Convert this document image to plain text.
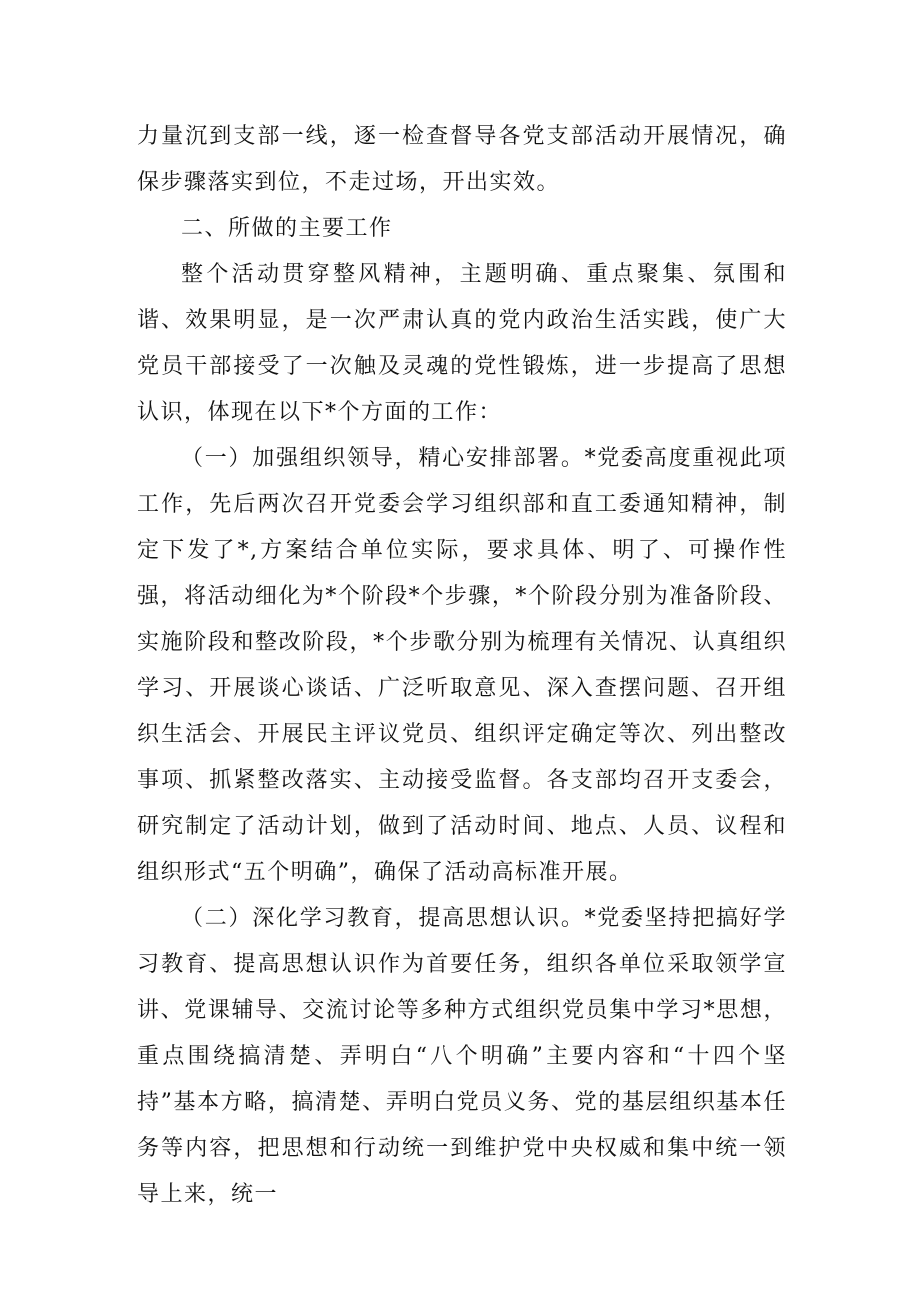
力量沉到支部一线，逐一检查督导各党支部活动开展情况，确保步骤落实到位，不走过场，开出实效。

二、所做的主要工作

整个活动贯穿整风精神，主题明确、重点聚集、氛围和谐、效果明显，是一次严肃认真的党内政治生活实践，使广大党员干部接受了一次触及灵魂的党性锻炼，进一步提高了思想认识，体现在以下*个方面的工作：

（一）加强组织领导，精心安排部署。*党委高度重视此项工作，先后两次召开党委会学习组织部和直工委通知精神，制定下发了*,方案结合单位实际，要求具体、明了、可操作性强，将活动细化为*个阶段*个步骤，*个阶段分别为准备阶段、实施阶段和整改阶段，*个步歌分别为梳理有关情况、认真组织学习、开展谈心谈话、广泛听取意见、深入查摆问题、召开组织生活会、开展民主评议党员、组织评定确定等次、列出整改事项、抓紧整改落实、主动接受监督。各支部均召开支委会，研究制定了活动计划，做到了活动时间、地点、人员、议程和组织形式“五个明确”，确保了活动高标准开展。

（二）深化学习教育，提高思想认识。*党委坚持把搞好学习教育、提高思想认识作为首要任务，组织各单位采取领学宣讲、党课辅导、交流讨论等多种方式组织党员集中学习*思想，重点围绕搞清楚、弄明白“八个明确”主要内容和“十四个坚持”基本方略，搞清楚、弄明白党员义务、党的基层组织基本任务等内容，把思想和行动统一到维护党中央权威和集中统一领导上来，统一
